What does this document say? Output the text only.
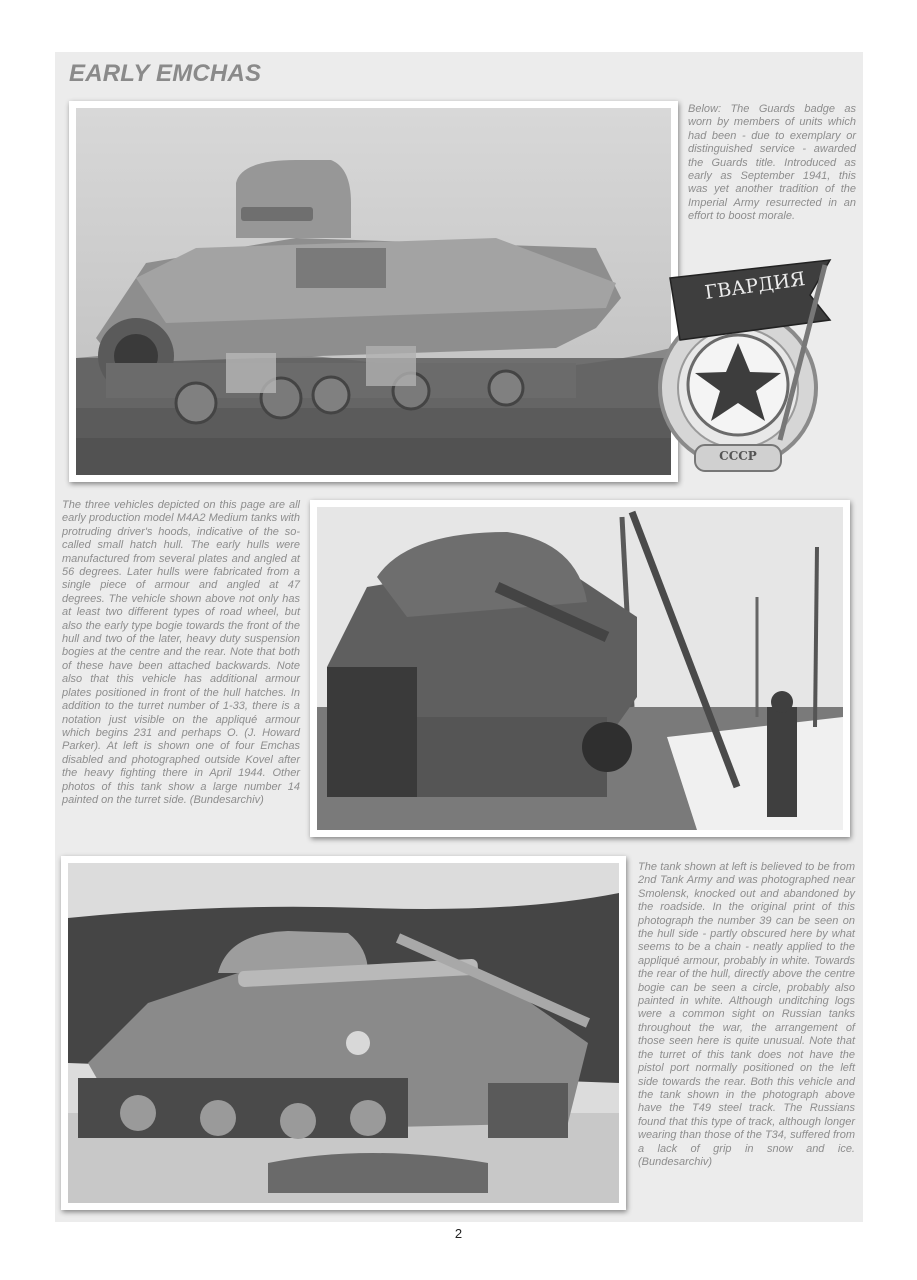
EARLY EMCHAS
ГВАРДИЯ
СССР

Below: The Guards badge as worn by members of units which had been - due to exemplary or distinguished service - awarded the Guards title. Introduced as early as September 1941, this was yet another tradition of the Imperial Army resurrected in an effort to boost morale.

The three vehicles depicted on this page are all early production model M4A2 Medium tanks with protruding driver's hoods, indicative of the so-called small hatch hull. The early hulls were manufactured from several plates and angled at 56 degrees. Later hulls were fabricated from a single piece of armour and angled at 47 degrees. The vehicle shown above not only has at least two different types of road wheel, but also the early type bogie towards the front of the hull and two of the later, heavy duty suspension bogies at the centre and the rear. Note that both of these have been attached backwards. Note also that this vehicle has additional armour plates positioned in front of the hull hatches. In addition to the turret number of 1-33, there is a notation just visible on the appliqué armour which begins 231 and perhaps O. (J. Howard Parker). At left is shown one of four Emchas disabled and photographed outside Kovel after the heavy fighting there in April 1944. Other photos of this tank show a large number 14 painted on the turret side. (Bundesarchiv)

The tank shown at left is believed to be from 2nd Tank Army and was photographed near Smolensk, knocked out and abandoned by the roadside. In the original print of this photograph the number 39 can be seen on the hull side - partly obscured here by what seems to be a chain - neatly applied to the appliqué armour, probably in white. Towards the rear of the hull, directly above the centre bogie can be seen a circle, probably also painted in white. Although unditching logs were a common sight on Russian tanks throughout the war, the arrangement of those seen here is quite unusual. Note that the turret of this tank does not have the pistol port normally positioned on the left side towards the rear. Both this vehicle and the tank shown in the photograph above have the T49 steel track. The Russians found that this type of track, although longer wearing than those of the T34, suffered from a lack of grip in snow and ice. (Bundesarchiv)

2
